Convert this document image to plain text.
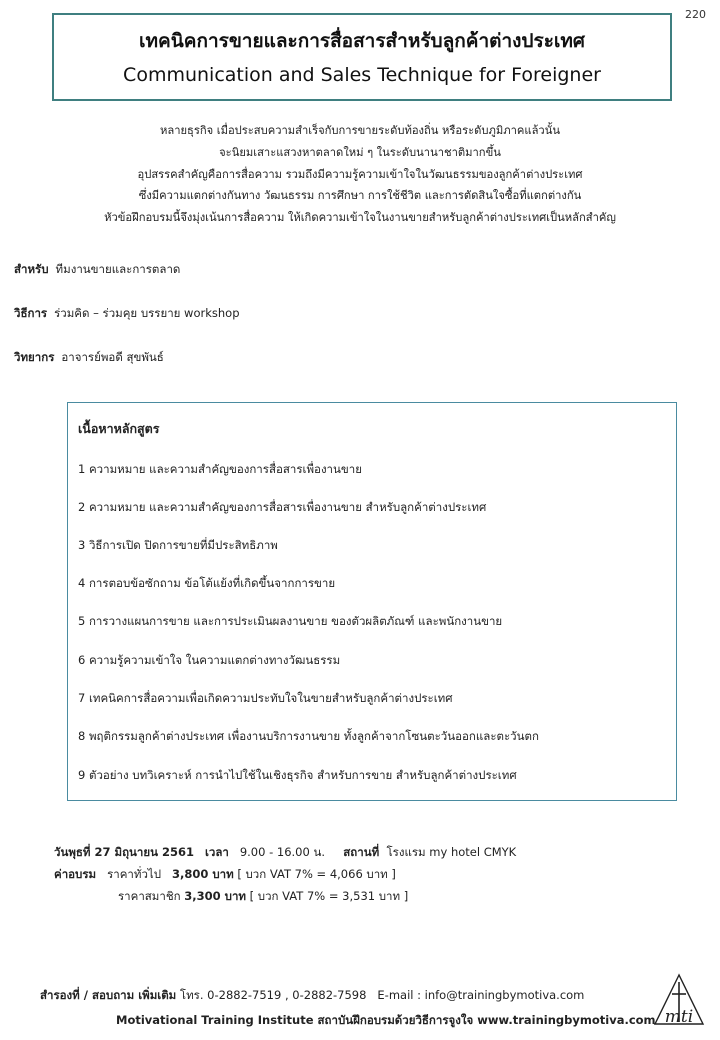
220
เทคนิคการขายและการสื่อสารสำหรับลูกค้าต่างประเทศ
Communication and Sales Technique for Foreigner
หลายธุรกิจ เมื่อประสบความสำเร็จกับการขายระดับท้องถิ่น หรือระดับภูมิภาคแล้วนั้น
จะนิยมเสาะแสวงหาตลาดใหม่ ๆ ในระดับนานาชาติมากขึ้น
อุปสรรคสำคัญคือการสื่อความ รวมถึงมีความรู้ความเข้าใจในวัฒนธรรมของลูกค้าต่างประเทศ
ซึ่งมีความแตกต่างกันทาง วัฒนธรรม การศึกษา การใช้ชีวิต และการตัดสินใจซื้อที่แตกต่างกัน
หัวข้อฝึกอบรมนี้จึงมุ่งเน้นการสื่อความ ให้เกิดความเข้าใจในงานขายสำหรับลูกค้าต่างประเทศเป็นหลักสำคัญ
สำหรับ ทีมงานขายและการตลาด
วิธีการ ร่วมคิด – ร่วมคุย บรรยาย workshop
วิทยากร อาจารย์พอดี สุขพันธ์
เนื้อหาหลักสูตร
1 ความหมาย และความสำคัญของการสื่อสารเพื่องานขาย
2 ความหมาย และความสำคัญของการสื่อสารเพื่องานขาย สำหรับลูกค้าต่างประเทศ
3 วิธีการเปิด ปิดการขายที่มีประสิทธิภาพ
4 การตอบข้อซักถาม ข้อโต้แย้งที่เกิดขึ้นจากการขาย
5 การวางแผนการขาย และการประเมินผลงานขาย ของตัวผลิตภัณฑ์ และพนักงานขาย
6 ความรู้ความเข้าใจ ในความแตกต่างทางวัฒนธรรม
7 เทคนิคการสื่อความเพื่อเกิดความประทับใจในขายสำหรับลูกค้าต่างประเทศ
8 พฤติกรรมลูกค้าต่างประเทศ เพื่องานบริการงานขาย ทั้งลูกค้าจากโซนตะวันออกและตะวันตก
9 ตัวอย่าง บทวิเคราะห์ การนำไปใช้ในเชิงธุรกิจ สำหรับการขาย สำหรับลูกค้าต่างประเทศ
วันพุธที่ 27 มิถุนายน 2561 เวลา 9.00 - 16.00 น. สถานที่ โรงแรม my hotel CMYK
ค่าอบรม ราคาทั่วไป 3,800 บาท [ บวก VAT 7% = 4,066 บาท ]
ราคาสมาชิก 3,300 บาท [ บวก VAT 7% = 3,531 บาท ]
สำรองที่ / สอบถาม เพิ่มเติม โทร. 0-2882-7519 , 0-2882-7598 E-mail : info@trainingbymotiva.com
Motivational Training Institute สถาบันฝึกอบรมด้วยวิธีการจูงใจ www.trainingbymotiva.com mti
